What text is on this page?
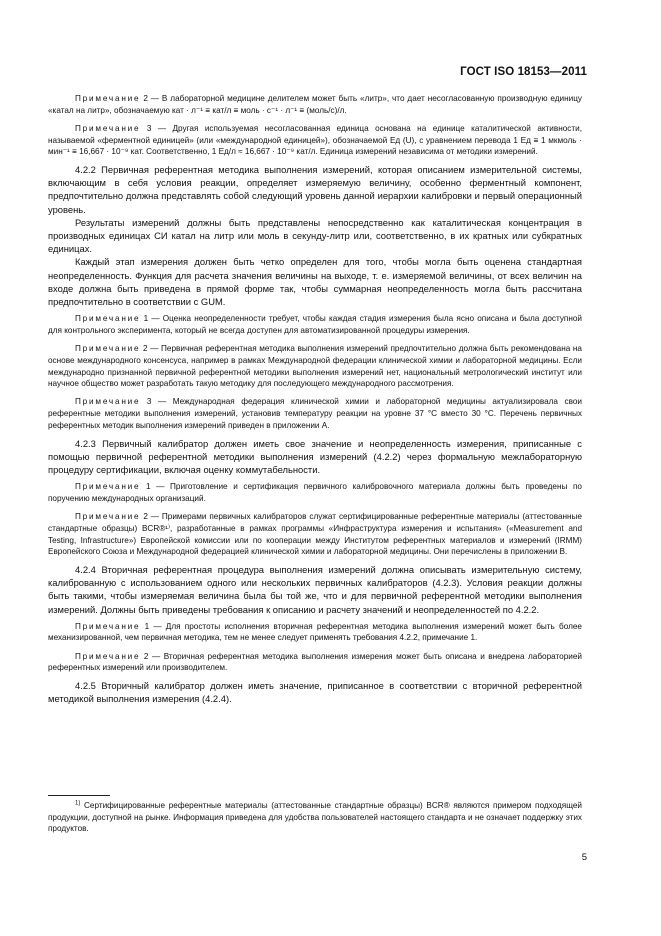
ГОСТ ISO 18153—2011

Примечание 2 — В лабораторной медицине делителем может быть «литр», что дает несогласованную производную единицу «катал на литр», обозначаемую кат · л⁻¹ ≡ кат/л ≡ моль · с⁻¹ · л⁻¹ ≡ (моль/с)/л.

Примечание 3 — Другая используемая несогласованная единица основана на единице каталитической активности, называемой «ферментной единицей» (или «международной единицей»), обозначаемой Ед (U), с уравнением перевода 1 Ед ≡ 1 мкмоль · мин⁻¹ ≡ 16,667 · 10⁻⁹ кат. Соответственно, 1 Ед/л ≈ 16,667 · 10⁻⁹ кат/л. Единица измерений независима от методики измерений.

4.2.2 Первичная референтная методика выполнения измерений, которая описанием измерительной системы, включающим в себя условия реакции, определяет измеряемую величину, особенно ферментный компонент, предпочтительно должна представлять собой следующий уровень данной иерархии калибровки и первый операционный уровень.

Результаты измерений должны быть представлены непосредственно как каталитическая концентрация в производных единицах СИ катал на литр или моль в секунду-литр или, соответственно, в их кратных или субкратных единицах.

Каждый этап измерения должен быть четко определен для того, чтобы могла быть оценена стандартная неопределенность. Функция для расчета значения величины на выходе, т. е. измеряемой величины, от всех величин на входе должна быть приведена в прямой форме так, чтобы суммарная неопределенность могла быть рассчитана предпочтительно в соответствии с GUM.

Примечание 1 — Оценка неопределенности требует, чтобы каждая стадия измерения была ясно описана и была доступной для контрольного эксперимента, который не всегда доступен для автоматизированной процедуры измерения.

Примечание 2 — Первичная референтная методика выполнения измерений предпочтительно должна быть рекомендована на основе международного консенсуса, например в рамках Международной федерации клинической химии и лабораторной медицины. Если международно признанной первичной референтной методики выполнения измерений нет, национальный метрологический институт или научное общество может разработать такую методику для последующего международного рассмотрения.

Примечание 3 — Международная федерация клинической химии и лабораторной медицины актуализировала свои референтные методики выполнения измерений, установив температуру реакции на уровне 37 °С вместо 30 °С. Перечень первичных референтных методик выполнения измерений приведен в приложении А.

4.2.3 Первичный калибратор должен иметь свое значение и неопределенность измерения, приписанные с помощью первичной референтной методики выполнения измерений (4.2.2) через формальную межлабораторную процедуру сертификации, включая оценку коммутабельности.

Примечание 1 — Приготовление и сертификация первичного калибровочного материала должны быть проведены по поручению международных организаций.

Примечание 2 — Примерами первичных калибраторов служат сертифицированные референтные материалы (аттестованные стандартные образцы) BCR®¹⁾, разработанные в рамках программы «Инфраструктура измерения и испытания» («Measurement and Testing, Infrastructure») Европейской комиссии или по кооперации между Институтом референтных материалов и измерений (IRMM) Европейского Союза и Международной федерацией клинической химии и лабораторной медицины. Они перечислены в приложении В.

4.2.4 Вторичная референтная процедура выполнения измерений должна описывать измерительную систему, калиброванную с использованием одного или нескольких первичных калибраторов (4.2.3). Условия реакции должны быть такими, чтобы измеряемая величина была бы той же, что и для первичной референтной методики выполнения измерений. Должны быть приведены требования к описанию и расчету значений и неопределенностей по 4.2.2.

Примечание 1 — Для простоты исполнения вторичная референтная методика выполнения измерений может быть более механизированной, чем первичная методика, тем не менее следует применять требования 4.2.2, примечание 1.

Примечание 2 — Вторичная референтная методика выполнения измерения может быть описана и внедрена лабораторией референтных измерений или производителем.

4.2.5 Вторичный калибратор должен иметь значение, приписанное в соответствии с вторичной референтной методикой выполнения измерения (4.2.4).

$^{1)}$ Сертифицированные референтные материалы (аттестованные стандартные образцы) BCR® являются примером подходящей продукции, доступной на рынке. Информация приведена для удобства пользователей настоящего стандарта и не означает поддержку этих продуктов.
5
